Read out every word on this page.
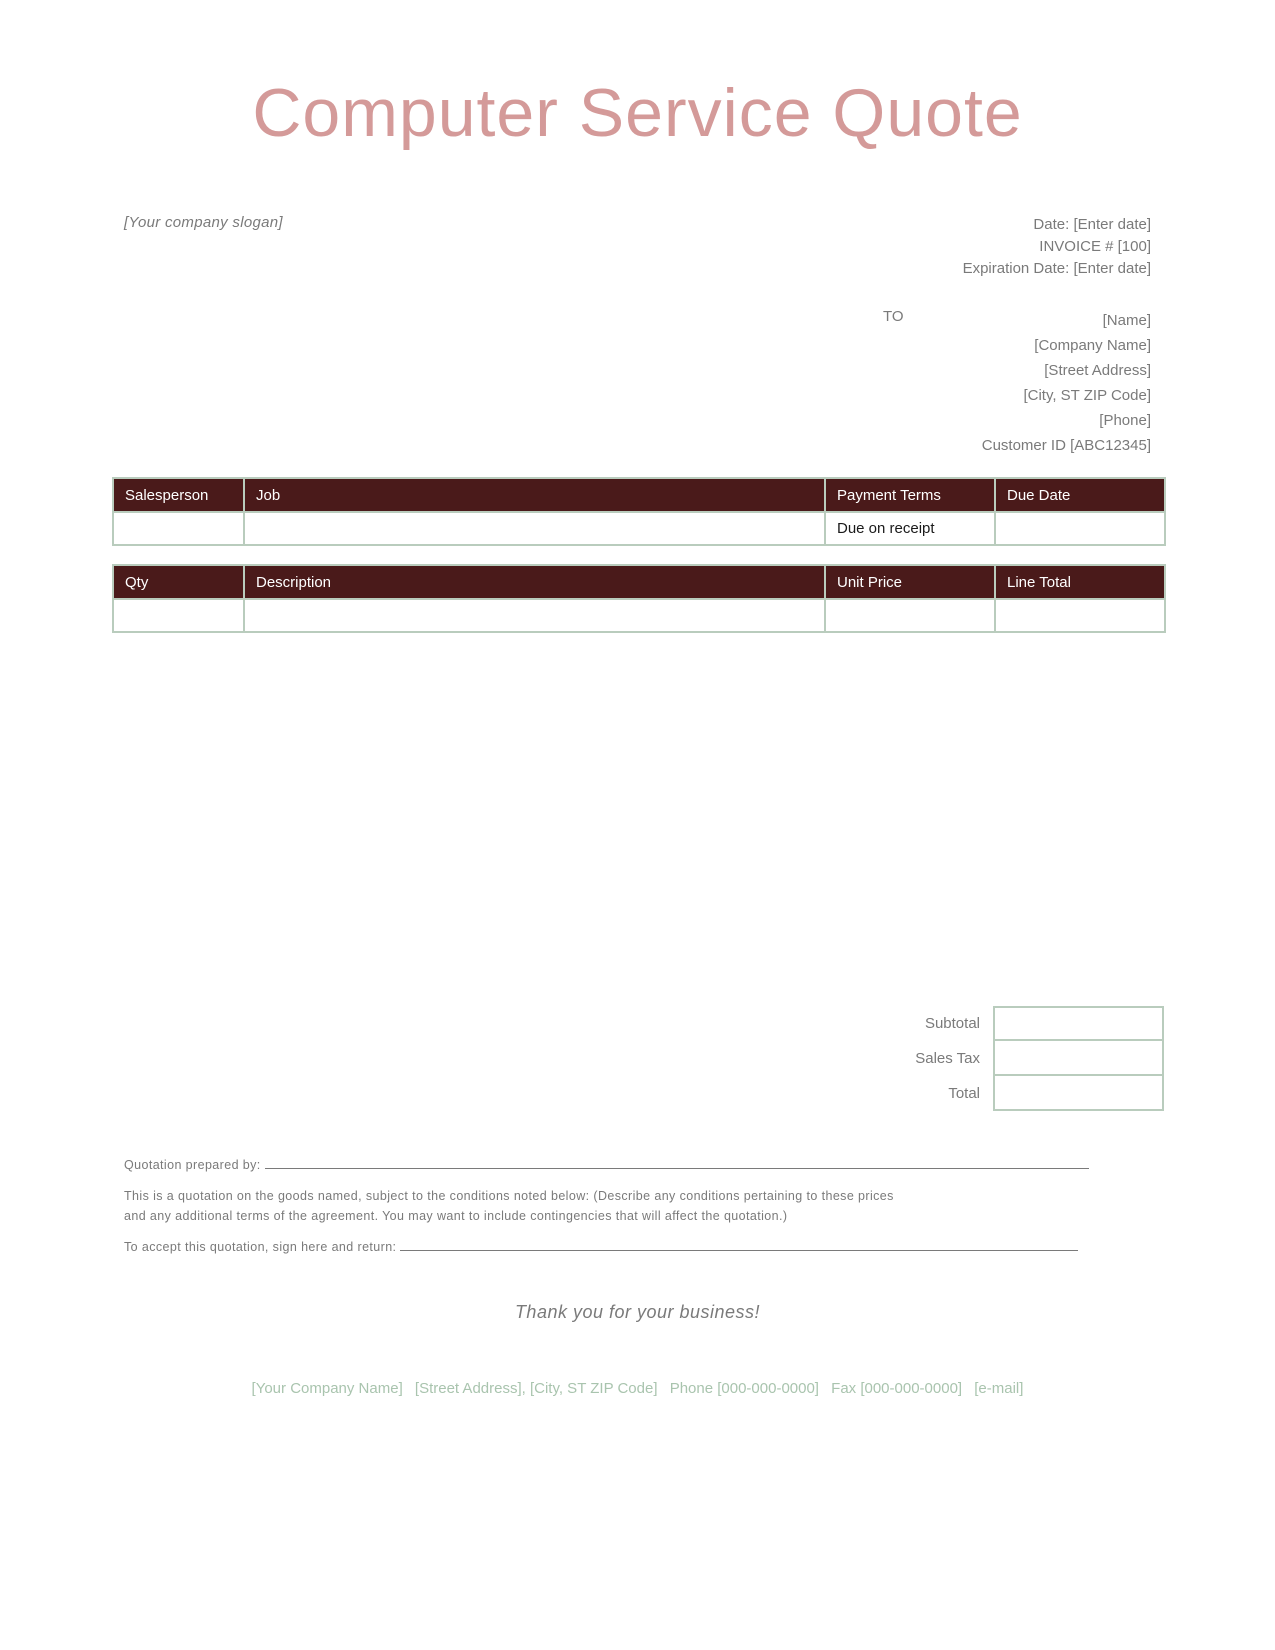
Computer Service Quote
[Your company slogan]	Date: [Enter date]
INVOICE # [100]
Expiration Date: [Enter date]
TO	[Name]
[Company Name]
[Street Address]
[City, ST ZIP Code]
[Phone]
Customer ID [ABC12345]
Salesperson	Job	Payment Terms	Due Date
		Due on receipt	
Qty	Description	Unit Price	Line Total

Subtotal
Sales Tax
Total

Quotation prepared by:

This is a quotation on the goods named, subject to the conditions noted below: (Describe any conditions pertaining to these prices
and any additional terms of the agreement. You may want to include contingencies that will affect the quotation.)

To accept this quotation, sign here and return:

Thank you for your business!
[Your Company Name] [Street Address], [City, ST ZIP Code] Phone [000-000-0000] Fax [000-000-0000] [e-mail]
